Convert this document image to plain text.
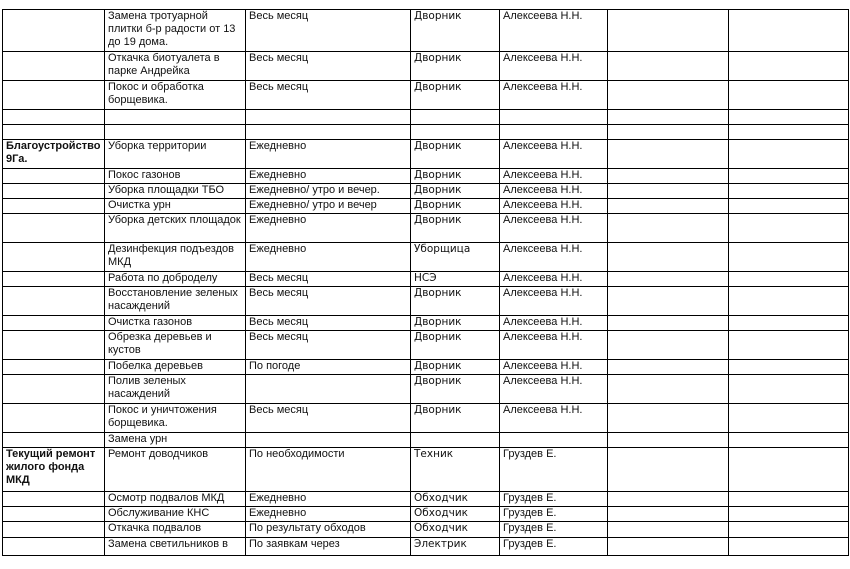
	Замена тротуарной плитки б-р радости от 13 до 19 дома.	Весь месяц	Дворник	Алексеева Н.Н.		
	Откачка биотуалета в парке Андрейка	Весь месяц	Дворник	Алексеева Н.Н.		
	Покос и обработка борщевика.	Весь месяц	Дворник	Алексеева Н.Н.		

Благоустройство 9Га.	Уборка территории	Ежедневно	Дворник	Алексеева Н.Н.		
	Покос газонов	Ежедневно	Дворник	Алексеева Н.Н.		
	Уборка площадки ТБО	Ежедневно/ утро и вечер.	Дворник	Алексеева Н.Н.		
	Очистка урн	Ежедневно/ утро и вечер	Дворник	Алексеева Н.Н.		
	Уборка детских площадок	Ежедневно	Дворник	Алексеева Н.Н.		
	Дезинфекция подъездов МКД	Ежедневно	Уборщица	Алексеева Н.Н.		
	Работа по доброделу	Весь месяц	НСЭ	Алексеева Н.Н.		
	Восстановление зеленых насаждений	Весь месяц	Дворник	Алексеева Н.Н.		
	Очистка газонов	Весь месяц	Дворник	Алексеева Н.Н.		
	Обрезка деревьев и кустов	Весь месяц	Дворник	Алексеева Н.Н.		
	Побелка деревьев	По погоде	Дворник	Алексеева Н.Н.		
	Полив зеленых насаждений		Дворник	Алексеева Н.Н.		
	Покос и уничтожения борщевика.	Весь месяц	Дворник	Алексеева Н.Н.		
	Замена урн					
Текущий ремонт жилого фонда МКД	Ремонт доводчиков	По необходимости	Техник	Груздев Е.		
	Осмотр подвалов МКД	Ежедневно	Обходчик	Груздев Е.		
	Обслуживание КНС	Ежедневно	Обходчик	Груздев Е.		
	Откачка подвалов	По результату обходов	Обходчик	Груздев Е.		
	Замена светильников в	По заявкам через	Электрик	Груздев Е.		
